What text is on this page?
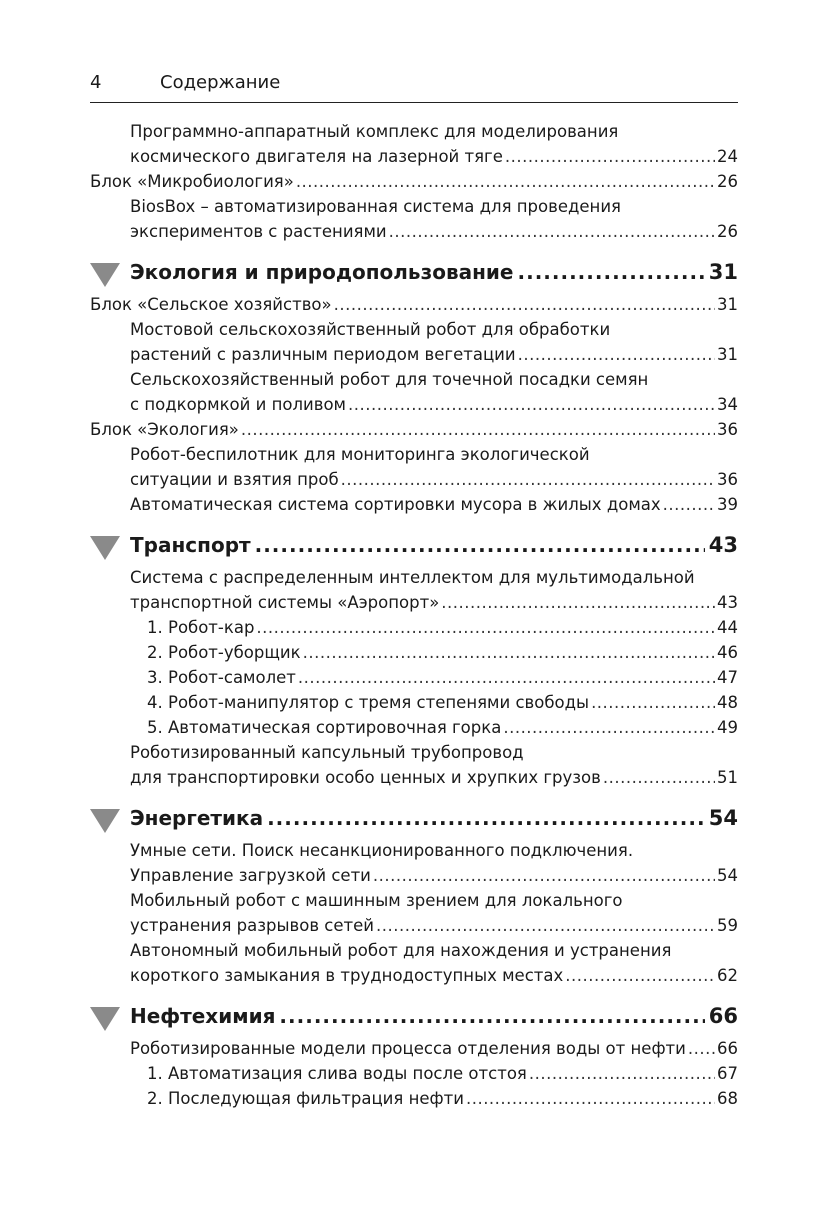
4	Содержание
Программно-аппаратный комплекс для моделирования
космического двигателя на лазерной тяге .....	24
Блок «Микробиология» .....	26
BiosBox – автоматизированная система для проведения
экспериментов с растениями .....	26
Экология и природопользование .....	31
Блок «Сельское хозяйство» .....	31
Мостовой сельскохозяйственный робот для обработки
растений с различным периодом вегетации .....	31
Сельскохозяйственный робот для точечной посадки семян
с подкормкой и поливом .....	34
Блок «Экология» .....	36
Робот-беспилотник для мониторинга экологической
ситуации и взятия проб .....	36
Автоматическая система сортировки мусора в жилых домах .....	39
Транспорт .....	43
Система с распределенным интеллектом для мультимодальной
транспортной системы «Аэропорт» .....	43
1. Робот-кар .....	44
2. Робот-уборщик .....	46
3. Робот-самолет .....	47
4. Робот-манипулятор с тремя степенями свободы .....	48
5. Автоматическая сортировочная горка .....	49
Роботизированный капсульный трубопровод
для транспортировки особо ценных и хрупких грузов .....	51
Энергетика .....	54
Умные сети. Поиск несанкционированного подключения.
Управление загрузкой сети .....	54
Мобильный робот с машинным зрением для локального
устранения разрывов сетей .....	59
Автономный мобильный робот для нахождения и устранения
короткого замыкания в труднодоступных местах .....	62
Нефтехимия .....	66
Роботизированные модели процесса отделения воды от нефти ..... 66
1. Автоматизация слива воды после отстоя .....	67
2. Последующая фильтрация нефти .....	68
